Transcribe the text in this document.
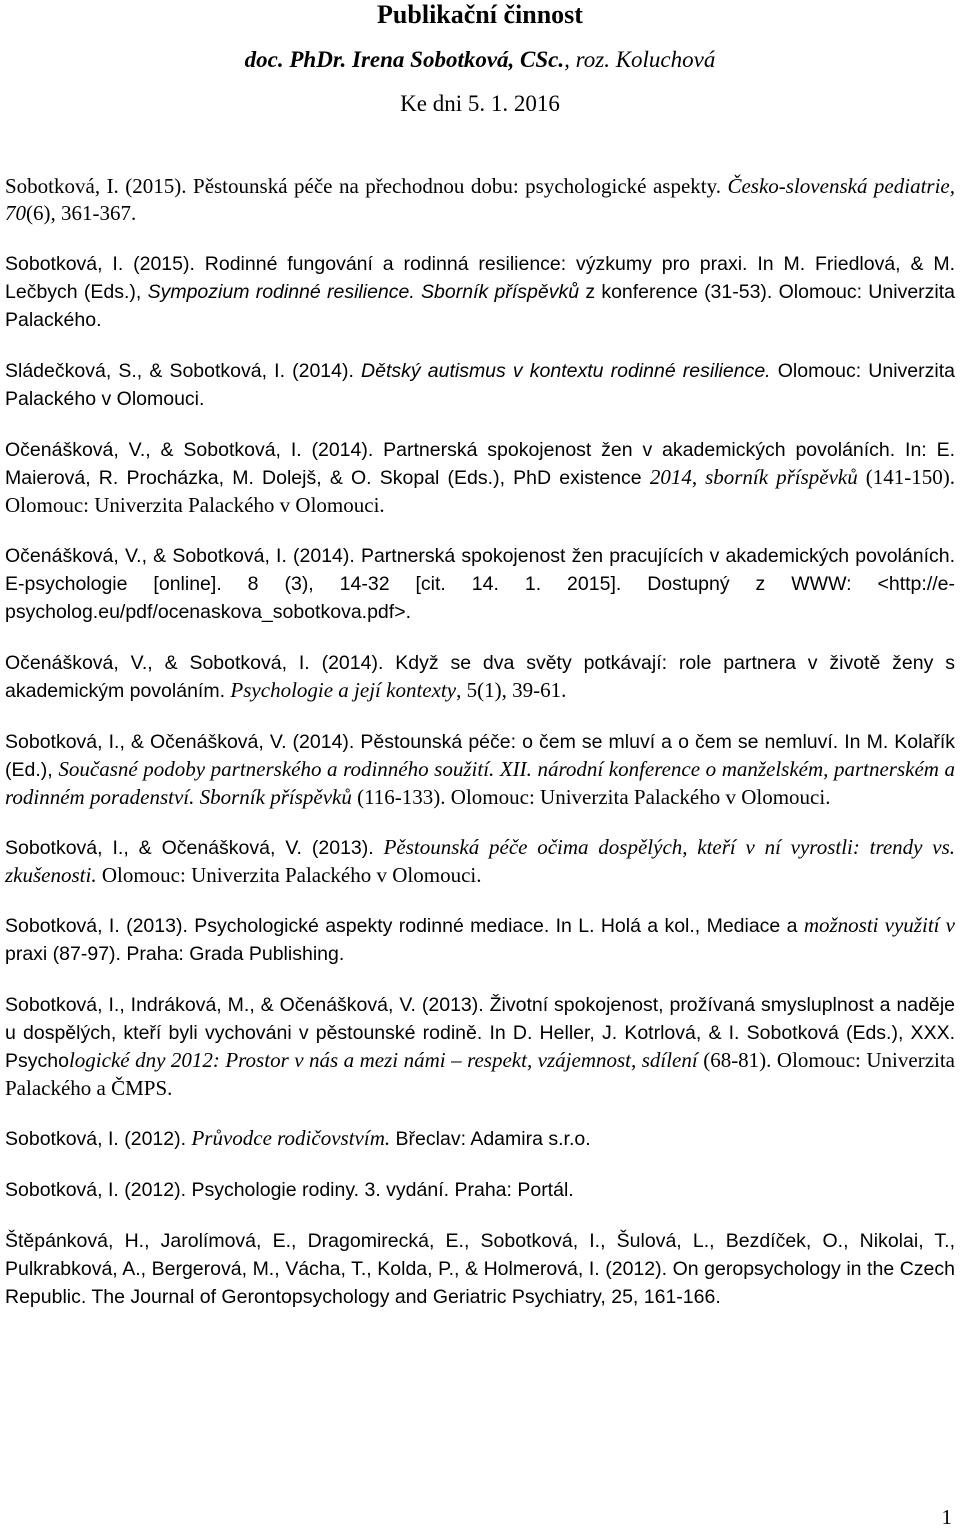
Publikační činnost
doc. PhDr. Irena Sobotková, CSc., roz. Koluchová
Ke dni 5. 1. 2016

Sobotková, I. (2015). Pěstounská péče na přechodnou dobu: psychologické aspekty. Česko-slovenská pediatrie, 70(6), 361-367.

Sobotková, I. (2015). Rodinné fungování a rodinná resilience: výzkumy pro praxi. In M. Friedlová, & M. Lečbych (Eds.), Sympozium rodinné resilience. Sborník příspěvků z konference (31-53). Olomouc: Univerzita Palackého.

Sládečková, S., & Sobotková, I. (2014). Dětský autismus v kontextu rodinné resilience. Olomouc: Univerzita Palackého v Olomouci.

Očenášková, V., & Sobotková, I. (2014). Partnerská spokojenost žen v akademických povoláních. In: E. Maierová, R. Procházka, M. Dolejš, & O. Skopal (Eds.), PhD existence 2014, sborník příspěvků (141-150). Olomouc: Univerzita Palackého v Olomouci.

Očenášková, V., & Sobotková, I. (2014). Partnerská spokojenost žen pracujících v akademických povoláních. E-psychologie [online]. 8 (3), 14-32 [cit. 14. 1. 2015]. Dostupný z WWW: <http://e-psycholog.eu/pdf/ocenaskova_sobotkova.pdf>.

Očenášková, V., & Sobotková, I. (2014). Když se dva světy potkávají: role partnera v životě ženy s akademickým povoláním. Psychologie a její kontexty, 5(1), 39-61.

Sobotková, I., & Očenášková, V. (2014). Pěstounská péče: o čem se mluví a o čem se nemluví. In M. Kolařík (Ed.), Současné podoby partnerského a rodinného soužití. XII. národní konference o manželském, partnerském a rodinném poradenství. Sborník příspěvků (116-133). Olomouc: Univerzita Palackého v Olomouci.

Sobotková, I., & Očenášková, V. (2013). Pěstounská péče očima dospělých, kteří v ní vyrostli: trendy vs. zkušenosti. Olomouc: Univerzita Palackého v Olomouci.

Sobotková, I. (2013). Psychologické aspekty rodinné mediace. In L. Holá a kol., Mediace a možnosti využití v praxi (87-97). Praha: Grada Publishing.

Sobotková, I., Indráková, M., & Očenášková, V. (2013). Životní spokojenost, prožívaná smysluplnost a naděje u dospělých, kteří byli vychováni v pěstounské rodině. In D. Heller, J. Kotrlová, & I. Sobotková (Eds.), XXX. Psychologické dny 2012: Prostor v nás a mezi námi – respekt, vzájemnost, sdílení (68-81). Olomouc: Univerzita Palackého a ČMPS.

Sobotková, I. (2012). Průvodce rodičovstvím. Břeclav: Adamira s.r.o.

Sobotková, I. (2012). Psychologie rodiny. 3. vydání. Praha: Portál.

Štěpánková, H., Jarolímová, E., Dragomirecká, E., Sobotková, I., Šulová, L., Bezdíček, O., Nikolai, T., Pulkrabková, A., Bergerová, M., Vácha, T., Kolda, P., & Holmerová, I. (2012). On geropsychology in the Czech Republic. The Journal of Gerontopsychology and Geriatric Psychiatry, 25, 161-166.

1
